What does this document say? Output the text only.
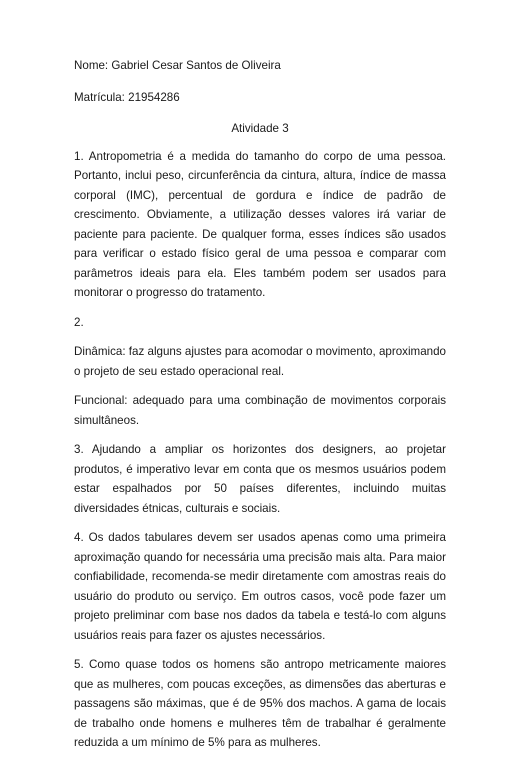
Nome: Gabriel Cesar Santos de Oliveira
Matrícula: 21954286
Atividade 3

1. Antropometria é a medida do tamanho do corpo de uma pessoa. Portanto, inclui peso, circunferência da cintura, altura, índice de massa corporal (IMC), percentual de gordura e índice de padrão de crescimento. Obviamente, a utilização desses valores irá variar de paciente para paciente. De qualquer forma, esses índices são usados para verificar o estado físico geral de uma pessoa e comparar com parâmetros ideais para ela. Eles também podem ser usados para monitorar o progresso do tratamento.

2.

Dinâmica: faz alguns ajustes para acomodar o movimento, aproximando o projeto de seu estado operacional real.

Funcional: adequado para uma combinação de movimentos corporais simultâneos.

3. Ajudando a ampliar os horizontes dos designers, ao projetar produtos, é imperativo levar em conta que os mesmos usuários podem estar espalhados por 50 países diferentes, incluindo muitas diversidades étnicas, culturais e sociais.

4. Os dados tabulares devem ser usados apenas como uma primeira aproximação quando for necessária uma precisão mais alta. Para maior confiabilidade, recomenda-se medir diretamente com amostras reais do usuário do produto ou serviço. Em outros casos, você pode fazer um projeto preliminar com base nos dados da tabela e testá-lo com alguns usuários reais para fazer os ajustes necessários.

5. Como quase todos os homens são antropo metricamente maiores que as mulheres, com poucas exceções, as dimensões das aberturas e passagens são máximas, que é de 95% dos machos. A gama de locais de trabalho onde homens e mulheres têm de trabalhar é geralmente reduzida a um mínimo de 5% para as mulheres.
